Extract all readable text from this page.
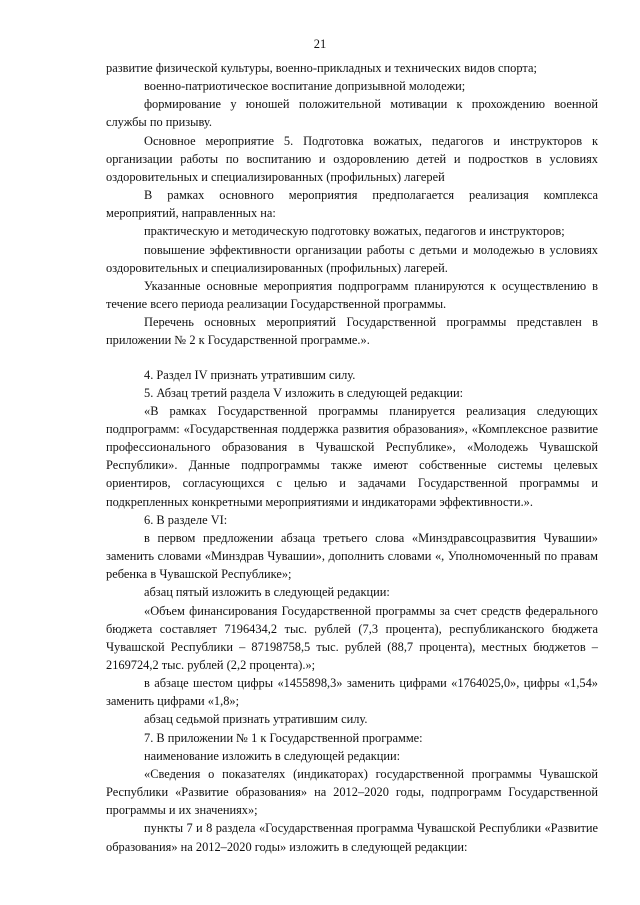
21

развитие физической культуры, военно-прикладных и технических видов спорта;

военно-патриотическое воспитание допризывной молодежи;

формирование у юношей положительной мотивации к прохождению военной службы по призыву.

Основное мероприятие 5. Подготовка вожатых, педагогов и инструкторов к организации работы по воспитанию и оздоровлению детей и подростков в условиях оздоровительных и специализированных (профильных) лагерей

В рамках основного мероприятия предполагается реализация комплекса мероприятий, направленных на:

практическую и методическую подготовку вожатых, педагогов и инструкторов;

повышение эффективности организации работы с детьми и молодежью в условиях оздоровительных и специализированных (профильных) лагерей.

Указанные основные мероприятия подпрограмм планируются к осуществлению в течение всего периода реализации Государственной программы.

Перечень основных мероприятий Государственной программы представлен в приложении № 2 к Государственной программе.».

4. Раздел IV признать утратившим силу.

5. Абзац третий раздела V изложить в следующей редакции:

«В рамках Государственной программы планируется реализация следующих подпрограмм: «Государственная поддержка развития образования», «Комплексное развитие профессионального образования в Чувашской Республике», «Молодежь Чувашской Республики». Данные подпрограммы также имеют собственные системы целевых ориентиров, согласующихся с целью и задачами Государственной программы и подкрепленных конкретными мероприятиями и индикаторами эффективности.».

6. В разделе VI:

в первом предложении абзаца третьего слова «Минздравсоцразвития Чувашии» заменить словами «Минздрав Чувашии», дополнить словами «, Уполномоченный по правам ребенка в Чувашской Республике»;

абзац пятый изложить в следующей редакции:

«Объем финансирования Государственной программы за счет средств федерального бюджета составляет 7196434,2 тыс. рублей (7,3 процента), республиканского бюджета Чувашской Республики – 87198758,5 тыс. рублей (88,7 процента), местных бюджетов – 2169724,2 тыс. рублей (2,2 процента).»;

в абзаце шестом цифры «1455898,3» заменить цифрами «1764025,0», цифры «1,54» заменить цифрами «1,8»;

абзац седьмой признать утратившим силу.

7. В приложении № 1 к Государственной программе:

наименование изложить в следующей редакции:

«Сведения о показателях (индикаторах) государственной программы Чувашской Республики «Развитие образования» на 2012–2020 годы, подпрограмм Государственной программы и их значениях»;

пункты 7 и 8 раздела «Государственная программа Чувашской Республики «Развитие образования» на 2012–2020 годы» изложить в следующей редакции:
